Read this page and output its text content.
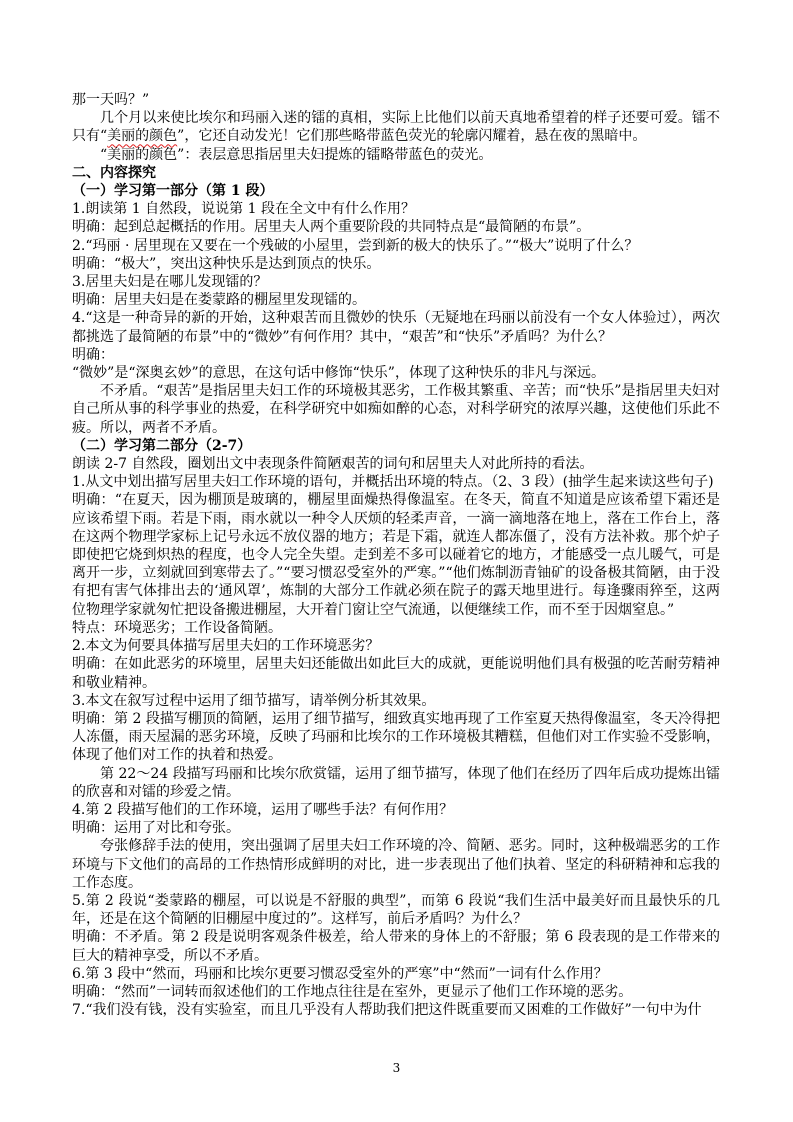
那一天吗？”

几个月以来使比埃尔和玛丽入迷的镭的真相，实际上比他们以前天真地希望着的样子还要可爱。镭不只有“美丽的颜色”，它还自动发光！它们那些略带蓝色荧光的轮廓闪耀着，悬在夜的黑暗中。

“美丽的颜色”：表层意思指居里夫妇提炼的镭略带蓝色的荧光。

二、内容探究

（一）学习第一部分（第 1 段）

1.朗读第 1 自然段，说说第 1 段在全文中有什么作用？

明确：起到总起概括的作用。居里夫人两个重要阶段的共同特点是“最简陋的布景”。

2.“玛丽 · 居里现在又要在一个残破的小屋里，尝到新的极大的快乐了。”“极大”说明了什么？

明确：“极大”，突出这种快乐是达到顶点的快乐。

3.居里夫妇是在哪儿发现镭的？

明确：居里夫妇是在娄蒙路的棚屋里发现镭的。

4.“这是一种奇异的新的开始，这种艰苦而且微妙的快乐（无疑地在玛丽以前没有一个女人体验过），两次都挑选了最简陋的布景”中的“微妙”有何作用？其中，“艰苦”和“快乐”矛盾吗？为什么？

明确：

“微妙”是“深奥玄妙”的意思，在这句话中修饰“快乐”，体现了这种快乐的非凡与深远。

不矛盾。“艰苦”是指居里夫妇工作的环境极其恶劣，工作极其繁重、辛苦；而“快乐”是指居里夫妇对自己所从事的科学事业的热爱，在科学研究中如痴如醉的心态，对科学研究的浓厚兴趣，这使他们乐此不疲。所以，两者不矛盾。

（二）学习第二部分（2-7）

朗读 2-7 自然段，圈划出文中表现条件简陋艰苦的词句和居里夫人对此所持的看法。

1.从文中划出描写居里夫妇工作环境的语句，并概括出环境的特点。（2、3 段）(抽学生起来读这些句子)

明确：“在夏天，因为棚顶是玻璃的，棚屋里面燥热得像温室。在冬天，简直不知道是应该希望下霜还是应该希望下雨。若是下雨，雨水就以一种令人厌烦的轻柔声音，一滴一滴地落在地上，落在工作台上，落在这两个物理学家标上记号永远不放仪器的地方；若是下霜，就连人都冻僵了，没有方法补救。那个炉子即使把它烧到炽热的程度，也令人完全失望。走到差不多可以碰着它的地方，才能感受一点儿暖气，可是离开一步，立刻就回到寒带去了。”“要习惯忍受室外的严寒。”“他们炼制沥青铀矿的设备极其简陋，由于没有把有害气体排出去的‘通风罩’，炼制的大部分工作就必须在院子的露天地里进行。每逢骤雨猝至，这两位物理学家就匆忙把设备搬进棚屋，大开着门窗让空气流通，以便继续工作，而不至于因烟窒息。”

特点：环境恶劣；工作设备简陋。

2.本文为何要具体描写居里夫妇的工作环境恶劣？

明确：在如此恶劣的环境里，居里夫妇还能做出如此巨大的成就，更能说明他们具有极强的吃苦耐劳精神和敬业精神。

3.本文在叙写过程中运用了细节描写，请举例分析其效果。

明确：第 2 段描写棚顶的简陋，运用了细节描写，细致真实地再现了工作室夏天热得像温室，冬天冷得把人冻僵，雨天屋漏的恶劣环境，反映了玛丽和比埃尔的工作环境极其糟糕，但他们对工作实验不受影响，体现了他们对工作的执着和热爱。

第 22～24 段描写玛丽和比埃尔欣赏镭，运用了细节描写，体现了他们在经历了四年后成功提炼出镭的欣喜和对镭的珍爱之情。

4.第 2 段描写他们的工作环境，运用了哪些手法？有何作用？

明确：运用了对比和夸张。

夸张修辞手法的使用，突出强调了居里夫妇工作环境的冷、简陋、恶劣。同时，这种极端恶劣的工作环境与下文他们的高昂的工作热情形成鲜明的对比，进一步表现出了他们执着、坚定的科研精神和忘我的工作态度。

5.第 2 段说“娄蒙路的棚屋，可以说是不舒服的典型”，而第 6 段说“我们生活中最美好而且最快乐的几年，还是在这个简陋的旧棚屋中度过的”。这样写，前后矛盾吗？为什么？

明确：不矛盾。第 2 段是说明客观条件极差，给人带来的身体上的不舒服；第 6 段表现的是工作带来的巨大的精神享受，所以不矛盾。

6.第 3 段中“然而，玛丽和比埃尔更要习惯忍受室外的严寒”中“然而”一词有什么作用？

明确：“然而”一词转而叙述他们的工作地点往往是在室外，更显示了他们工作环境的恶劣。

7.“我们没有钱，没有实验室，而且几乎没有人帮助我们把这件既重要而又困难的工作做好”一句中为什

3
